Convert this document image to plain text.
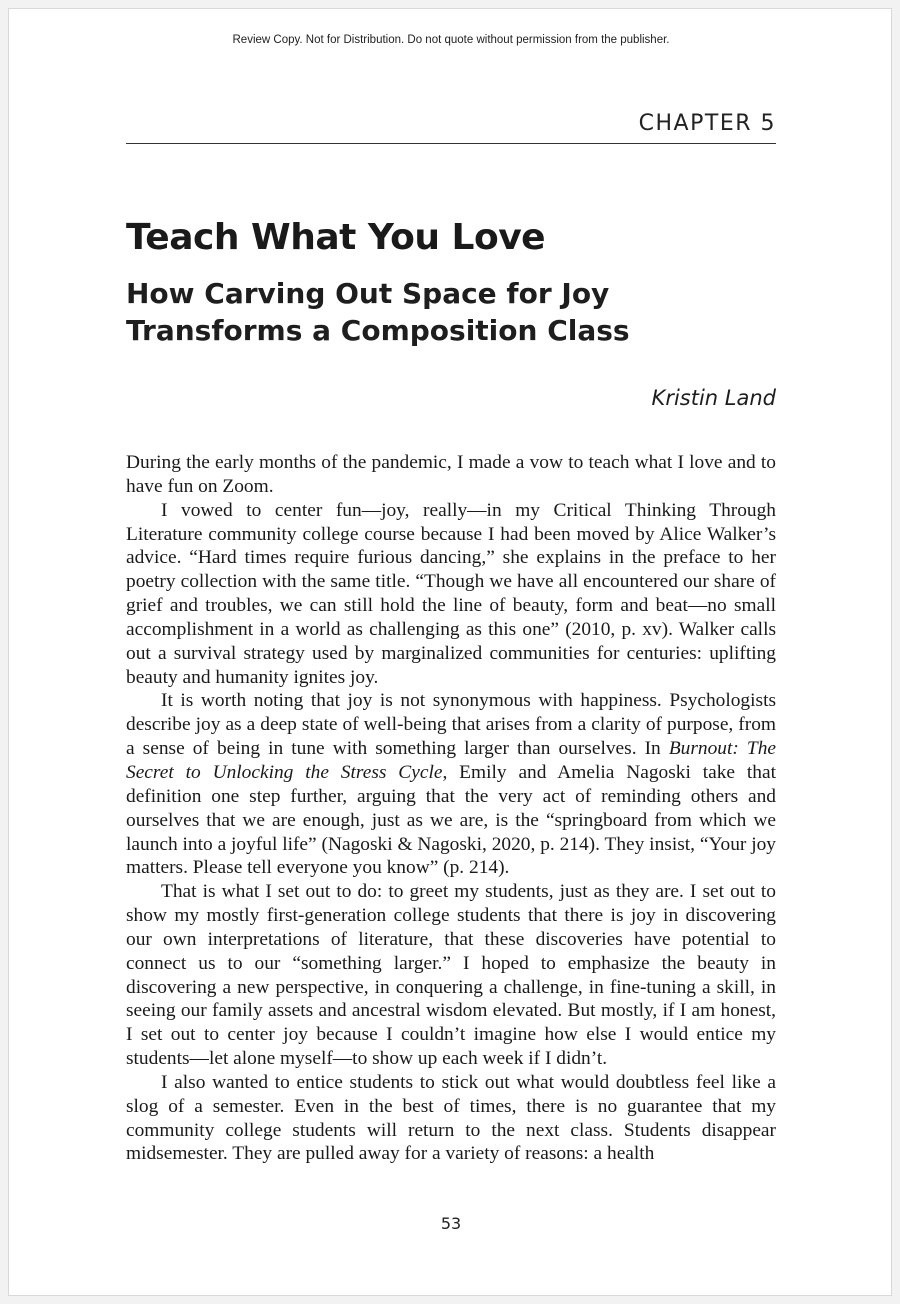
Review Copy. Not for Distribution. Do not quote without permission from the publisher.
CHAPTER 5
Teach What You Love
How Carving Out Space for Joy Transforms a Composition Class
Kristin Land

During the early months of the pandemic, I made a vow to teach what I love and to have fun on Zoom.

I vowed to center fun—joy, really—in my Critical Thinking Through Literature community college course because I had been moved by Alice Walker’s advice. “Hard times require furious dancing,” she explains in the preface to her poetry collection with the same title. “Though we have all encountered our share of grief and troubles, we can still hold the line of beauty, form and beat—no small accomplishment in a world as challenging as this one” (2010, p. xv). Walker calls out a survival strategy used by marginalized communities for centuries: uplifting beauty and humanity ignites joy.

It is worth noting that joy is not synonymous with happiness. Psychologists describe joy as a deep state of well-being that arises from a clarity of purpose, from a sense of being in tune with something larger than ourselves. In Burnout: The Secret to Unlocking the Stress Cycle, Emily and Amelia Nagoski take that definition one step further, arguing that the very act of reminding others and ourselves that we are enough, just as we are, is the “springboard from which we launch into a joyful life” (Nagoski & Nagoski, 2020, p. 214). They insist, “Your joy matters. Please tell everyone you know” (p. 214).

That is what I set out to do: to greet my students, just as they are. I set out to show my mostly first-generation college students that there is joy in discovering our own interpretations of literature, that these discoveries have potential to connect us to our “something larger.” I hoped to emphasize the beauty in discovering a new perspective, in conquering a challenge, in fine-tuning a skill, in seeing our family assets and ancestral wisdom elevated. But mostly, if I am honest, I set out to center joy because I couldn’t imagine how else I would entice my students—let alone myself—to show up each week if I didn’t.

I also wanted to entice students to stick out what would doubtless feel like a slog of a semester. Even in the best of times, there is no guarantee that my community college students will return to the next class. Students disappear midsemester. They are pulled away for a variety of reasons: a health

53
